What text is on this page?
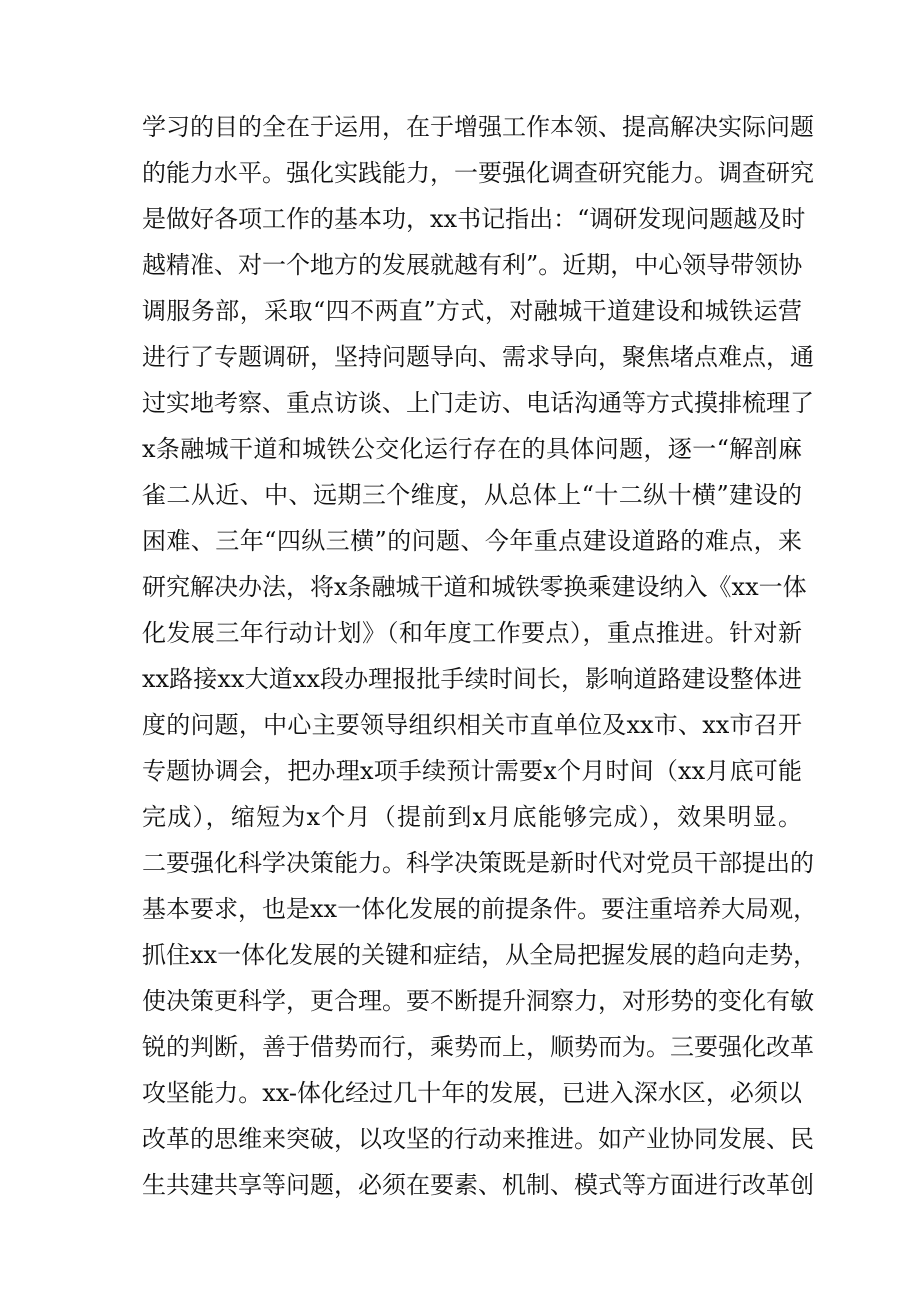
学习的目的全在于运用，在于增强工作本领、提高解决实际问题
的能力水平。强化实践能力，一要强化调查研究能力。调查研究
是做好各项工作的基本功，xx书记指出：“调研发现问题越及时
越精准、对一个地方的发展就越有利”。近期，中心领导带领协
调服务部，采取“四不两直”方式，对融城干道建设和城铁运营
进行了专题调研，坚持问题导向、需求导向，聚焦堵点难点，通
过实地考察、重点访谈、上门走访、电话沟通等方式摸排梳理了
x条融城干道和城铁公交化运行存在的具体问题，逐一“解剖麻
雀二从近、中、远期三个维度，从总体上“十二纵十横”建设的
困难、三年“四纵三横”的问题、今年重点建设道路的难点，来
研究解决办法，将x条融城干道和城铁零换乘建设纳入《xx一体
化发展三年行动计划》（和年度工作要点），重点推进。针对新
xx路接xx大道xx段办理报批手续时间长，影响道路建设整体进
度的问题，中心主要领导组织相关市直单位及xx市、xx市召开
专题协调会，把办理x项手续预计需要x个月时间（xx月底可能
完成），缩短为x个月（提前到x月底能够完成），效果明显。
二要强化科学决策能力。科学决策既是新时代对党员干部提出的
基本要求，也是xx一体化发展的前提条件。要注重培养大局观，
抓住xx一体化发展的关键和症结，从全局把握发展的趋向走势，
使决策更科学，更合理。要不断提升洞察力，对形势的变化有敏
锐的判断，善于借势而行，乘势而上，顺势而为。三要强化改革
攻坚能力。xx-体化经过几十年的发展，已进入深水区，必须以
改革的思维来突破，以攻坚的行动来推进。如产业协同发展、民
生共建共享等问题，必须在要素、机制、模式等方面进行改革创
